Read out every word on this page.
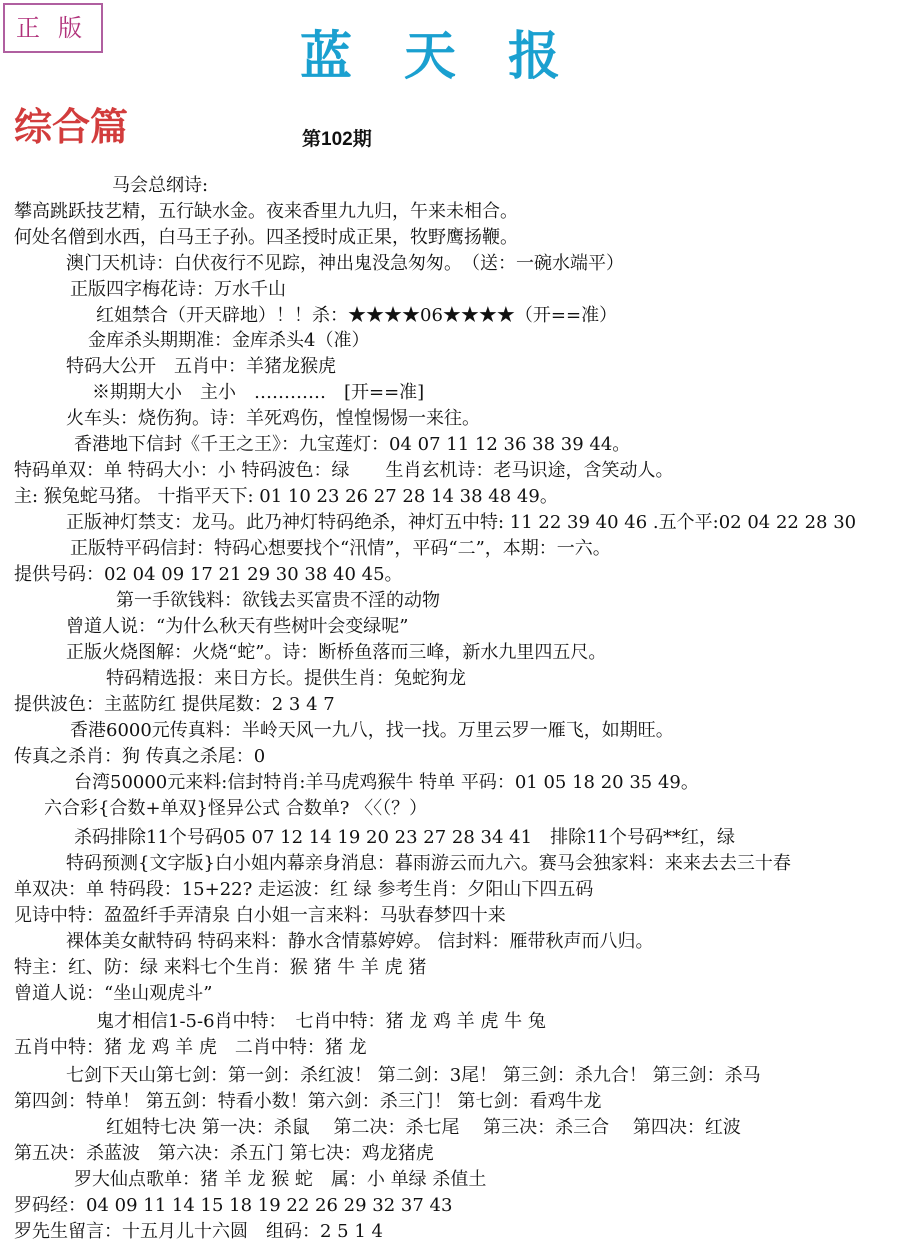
正版	蓝天报
综合篇	第102期
马会总纲诗:
攀高跳跃技艺精，五行缺水金。夜来香里九九归，午来未相合。
何处名僧到水西，白马王子孙。四圣授时成正果，牧野鹰扬鞭。
澳门天机诗：白伏夜行不见踪，神出鬼没急匆匆。　（送：一碗水端平）
正版四字梅花诗：万水千山
红姐禁合（开天辟地）！！杀：★★★★06★★★★（开==准）
金库杀头期期准：金库杀头4（准）
特码大公开　五肖中：羊猪龙猴虎
※期期大小　主小　…………　[开==准]
火车头：烧伤狗。诗：羊死鸡伤，惶惶惕惕一来往。
香港地下信封《千王之王》：九宝莲灯：04 07 11 12 36 38 39 44。
特码单双：单 特码大小：小 特码波色：绿　　生肖玄机诗：老马识途，含笑动人。
主: 猴兔蛇马猪。 十指平天下: 01 10 23 26 27 28 14 38 48 49。
正版神灯禁支：龙马。此乃神灯特码绝杀，神灯五中特: 11 22 39 40 46 .五个平:02 04 22 28 30
正版特平码信封：特码心想要找个“汛情”，平码“二”，本期：一六。
提供号码：02 04 09 17 21 29 30 38 40 45。
第一手欲钱料：欲钱去买富贵不淫的动物
曾道人说：“为什么秋天有些树叶会变绿呢”
正版火烧图解：火烧“蛇”。诗：断桥鱼落而三峰，新水九里四五尺。
特码精选报：来日方长。提供生肖：兔蛇狗龙
提供波色：主蓝防红 提供尾数：2 3 4 7
香港6000元传真料：半岭天风一九八，找一找。万里云罗一雁飞，如期旺。
传真之杀肖：狗 传真之杀尾：0
台湾50000元来料:信封特肖:羊马虎鸡猴牛 特单 平码：01 05 18 20 35 49。
六合彩{合数+单双}怪异公式 合数单? 〈〈（？）
杀码排除11个号码05 07 12 14 19 20 23 27 28 34 41　排除11个号码**红，绿
特码预测{文字版}白小姐内幕亲身消息：暮雨游云而九六。赛马会独家料：来来去去三十春
单双决：单 特码段：15+22? 走运波：红 绿 参考生肖：夕阳山下四五码
见诗中特：盈盈纤手弄清泉 白小姐一言来料：马驮春梦四十来
裸体美女献特码 特码来料：静水含情慕婷婷。 信封料：雁带秋声而八归。
特主：红、防：绿 来料七个生肖：猴 猪 牛 羊 虎 猪
曾道人说：“坐山观虎斗”
鬼才相信1-5-6肖中特：　七肖中特：猪 龙 鸡 羊 虎 牛 兔
五肖中特：猪 龙 鸡 羊 虎　二肖中特：猪 龙
七剑下天山第七剑：第一剑：杀红波！ 第二剑：3尾！ 第三剑：杀九合！ 第三剑：杀马
第四剑：特单！ 第五剑：特看小数！第六剑：杀三门！ 第七剑：看鸡牛龙
红姐特七决 第一决：杀鼠　 第二决：杀七尾　 第三决：杀三合　 第四决：红波
第五决：杀蓝波　第六决：杀五门 第七决：鸡龙猪虎
罗大仙点歌单：猪 羊 龙 猴 蛇　属：小 单绿 杀值土
罗码经：04 09 11 14 15 18 19 22 26 29 32 37 43
罗先生留言：十五月儿十六圆　组码：2 5 1 4
